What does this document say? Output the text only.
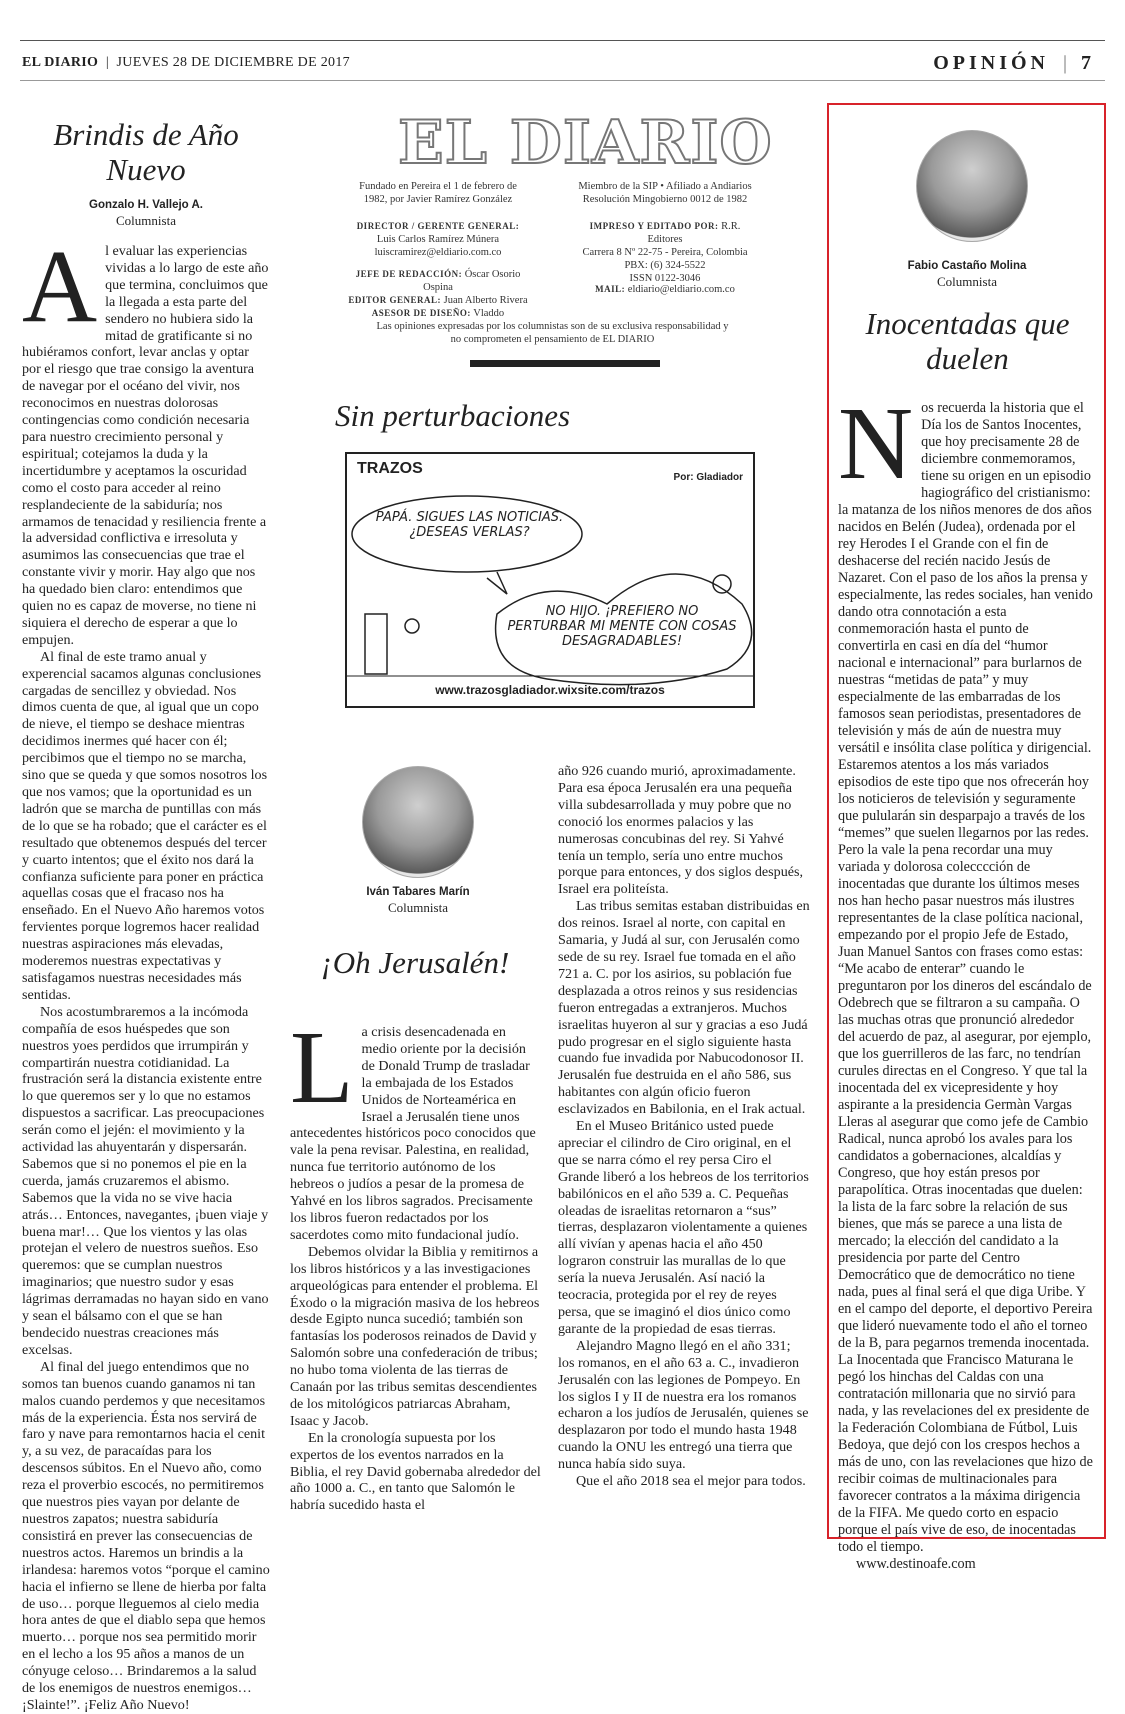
EL DIARIO  |  JUEVES 28 DE DICIEMBRE DE 2017	OPINIÓN  |  7
Brindis de Año Nuevo
Gonzalo H. Vallejo A.
Columnista

Al evaluar las experiencias vividas a lo largo de este año que termina, concluimos que la llegada a esta parte del sendero no hubiera sido la mitad de gratificante si no hubiéramos confort, levar anclas y optar por el riesgo que trae consigo la aventura de navegar por el océano del vivir, nos reconocimos en nuestras dolorosas contingencias como condición necesaria para nuestro crecimiento personal y espiritual; cotejamos la duda y la incertidumbre y aceptamos la oscuridad como el costo para acceder al reino resplandeciente de la sabiduría; nos armamos de tenacidad y resiliencia frente a la adversidad conflictiva e irresoluta y asumimos las consecuencias que trae el constante vivir y morir. Hay algo que nos ha quedado bien claro: entendimos que quien no es capaz de moverse, no tiene ni siquiera el derecho de esperar a que lo empujen.

Al final de este tramo anual y experencial sacamos algunas conclusiones cargadas de sencillez y obviedad. Nos dimos cuenta de que, al igual que un copo de nieve, el tiempo se deshace mientras decidimos inermes qué hacer con él; percibimos que el tiempo no se marcha, sino que se queda y que somos nosotros los que nos vamos; que la oportunidad es un ladrón que se marcha de puntillas con más de lo que se ha robado; que el carácter es el resultado que obtenemos después del tercer y cuarto intentos; que el éxito nos dará la confianza suficiente para poner en práctica aquellas cosas que el fracaso nos ha enseñado. En el Nuevo Año haremos votos fervientes porque logremos hacer realidad nuestras aspiraciones más elevadas, moderemos nuestras expectativas y satisfagamos nuestras necesidades más sentidas.

Nos acostumbraremos a la incómoda compañía de esos huéspedes que son nuestros yoes perdidos que irrumpirán y compartirán nuestra cotidianidad. La frustración será la distancia existente entre lo que queremos ser y lo que no estamos dispuestos a sacrificar. Las preocupaciones serán como el jején: el movimiento y la actividad las ahuyentarán y dispersarán. Sabemos que si no ponemos el pie en la cuerda, jamás cruzaremos el abismo. Sabemos que la vida no se vive hacia atrás… Entonces, navegantes, ¡buen viaje y buena mar!… Que los vientos y las olas protejan el velero de nuestros sueños. Eso queremos: que se cumplan nuestros imaginarios; que nuestro sudor y esas lágrimas derramadas no hayan sido en vano y sean el bálsamo con el que se han bendecido nuestras creaciones más excelsas.

Al final del juego entendimos que no somos tan buenos cuando ganamos ni tan malos cuando perdemos y que necesitamos más de la experiencia. Ésta nos servirá de faro y nave para remontarnos hacia el cenit y, a su vez, de paracaídas para los descensos súbitos. En el Nuevo año, como reza el proverbio escocés, no permitiremos que nuestros pies vayan por delante de nuestros zapatos; nuestra sabiduría consistirá en prever las consecuencias de nuestros actos. Haremos un brindis a la irlandesa: haremos votos “porque el camino hacia el infierno se llene de hierba por falta de uso… porque lleguemos al cielo media hora antes de que el diablo sepa que hemos muerto… porque nos sea permitido morir en el lecho a los 95 años a manos de un cónyuge celoso… Brindaremos a la salud de los enemigos de nuestros enemigos… ¡Slainte!”. ¡Feliz Año Nuevo!

EL DIARIO
Fundado en Pereira el 1 de febrero de 1982, por Javier Ramírez González
Miembro de la SIP • Afiliado a Andiarios Resolución Mingobierno 0012 de 1982
DIRECTOR / GERENTE GENERAL:
Luis Carlos Ramírez Múnera
luiscramirez@eldiario.com.co
IMPRESO Y EDITADO POR: R.R. Editores
Carrera 8 Nº 22-75 - Pereira, Colombia
PBX: (6) 324-5522
ISSN 0122-3046
JEFE DE REDACCIÓN: Óscar Osorio Ospina
EDITOR GENERAL: Juan Alberto Rivera
ASESOR DE DISEÑO: Vladdo
MAIL: eldiario@eldiario.com.co
Las opiniones expresadas por los columnistas son de su exclusiva responsabilidad y no comprometen el pensamiento de EL DIARIO
Sin perturbaciones
TRAZOS
Por: Gladiador
PAPÁ. SIGUES LAS NOTICIAS. ¿DESEAS VERLAS?
NO HIJO. ¡PREFIERO NO PERTURBAR MI MENTE CON COSAS DESAGRADABLES!
www.trazosgladiador.wixsite.com/trazos
Iván Tabares Marín
Columnista
¡Oh Jerusalén!

La crisis desencadenada en medio oriente por la decisión de Donald Trump de trasladar la embajada de los Estados Unidos de Norteamérica en Israel a Jerusalén tiene unos antecedentes históricos poco conocidos que vale la pena revisar. Palestina, en realidad, nunca fue territorio autónomo de los hebreos o judíos a pesar de la promesa de Yahvé en los libros sagrados. Precisamente los libros fueron redactados por los sacerdotes como mito fundacional judío.

Debemos olvidar la Biblia y remitirnos a los libros históricos y a las investigaciones arqueológicas para entender el problema. El Éxodo o la migración masiva de los hebreos desde Egipto nunca sucedió; también son fantasías los poderosos reinados de David y Salomón sobre una confederación de tribus; no hubo toma violenta de las tierras de Canaán por las tribus semitas descendientes de los mitológicos patriarcas Abraham, Isaac y Jacob.

En la cronología supuesta por los expertos de los eventos narrados en la Biblia, el rey David gobernaba alrededor del año 1000 a. C., en tanto que Salomón le habría sucedido hasta el

año 926 cuando murió, aproximadamente. Para esa época Jerusalén era una pequeña villa subdesarrollada y muy pobre que no conoció los enormes palacios y las numerosas concubinas del rey. Si Yahvé tenía un templo, sería uno entre muchos porque para entonces, y dos siglos después, Israel era politeísta.

Las tribus semitas estaban distribuidas en dos reinos. Israel al norte, con capital en Samaria, y Judá al sur, con Jerusalén como sede de su rey. Israel fue tomada en el año 721 a. C. por los asirios, su población fue desplazada a otros reinos y sus residencias fueron entregadas a extranjeros. Muchos israelitas huyeron al sur y gracias a eso Judá pudo progresar en el siglo siguiente hasta cuando fue invadida por Nabucodonosor II. Jerusalén fue destruida en el año 586, sus habitantes con algún oficio fueron esclavizados en Babilonia, en el Irak actual.

En el Museo Británico usted puede apreciar el cilindro de Ciro original, en el que se narra cómo el rey persa Ciro el Grande liberó a los hebreos de los territorios babilónicos en el año 539 a. C. Pequeñas oleadas de israelitas retornaron a “sus” tierras, desplazaron violentamente a quienes allí vivían y apenas hacia el año 450 lograron construir las murallas de lo que sería la nueva Jerusalén. Así nació la teocracia, protegida por el rey de reyes persa, que se imaginó el dios único como garante de la propiedad de esas tierras.

Alejandro Magno llegó en el año 331; los romanos, en el año 63 a. C., invadieron Jerusalén con las legiones de Pompeyo. En los siglos I y II de nuestra era los romanos echaron a los judíos de Jerusalén, quienes se desplazaron por todo el mundo hasta 1948 cuando la ONU les entregó una tierra que nunca había sido suya.

Que el año 2018 sea el mejor para todos.

Fabio Castaño Molina
Columnista
Inocentadas que duelen

Nos recuerda la historia que el Día los de Santos Inocentes, que hoy precisamente 28 de diciembre conmemoramos, tiene su origen en un episodio hagiográfico del cristianismo: la matanza de los niños menores de dos años nacidos en Belén (Judea), ordenada por el rey Herodes I el Grande con el fin de deshacerse del recién nacido Jesús de Nazaret. Con el paso de los años la prensa y especialmente, las redes sociales, han venido dando otra connotación a esta conmemoración hasta el punto de convertirla en casi en día del “humor nacional e internacional” para burlarnos de nuestras “metidas de pata” y muy especialmente de las embarradas de los famosos sean periodistas, presentadores de televisión y más de aún de nuestra muy versátil e insólita clase política y dirigencial. Estaremos atentos a los más variados episodios de este tipo que nos ofrecerán hoy los noticieros de televisión y seguramente que pulularán sin desparpajo a través de los “memes” que suelen llegarnos por las redes. Pero la vale la pena recordar una muy variada y dolorosa colecccción de inocentadas que durante los últimos meses nos han hecho pasar nuestros más ilustres representantes de la clase política nacional, empezando por el propio Jefe de Estado, Juan Manuel Santos con frases como estas: “Me acabo de enterar” cuando le preguntaron por los dineros del escándalo de Odebrech que se filtraron a su campaña. O las muchas otras que pronunció alrededor del acuerdo de paz, al asegurar, por ejemplo, que los guerrilleros de las farc, no tendrían curules directas en el Congreso. Y que tal la inocentada del ex vicepresidente y hoy aspirante a la presidencia Germàn Vargas Lleras al asegurar que como jefe de Cambio Radical, nunca aprobó los avales para los candidatos a gobernaciones, alcaldías y Congreso, que hoy están presos por parapolítica. Otras inocentadas que duelen: la lista de la farc sobre la relación de sus bienes, que más se parece a una lista de mercado; la elección del candidato a la presidencia por parte del Centro Democrático que de democrático no tiene nada, pues al final será el que diga Uribe. Y en el campo del deporte, el deportivo Pereira que lideró nuevamente todo el año el torneo de la B, para pegarnos tremenda inocentada. La Inocentada que Francisco Maturana le pegó los hinchas del Caldas con una contratación millonaria que no sirvió para nada, y las revelaciones del ex presidente de la Federación Colombiana de Fútbol, Luis Bedoya, que dejó con los crespos hechos a más de uno, con las revelaciones que hizo de recibir coimas de multinacionales para favorecer contratos a la máxima dirigencia de la FIFA. Me quedo corto en espacio porque el país vive de eso, de inocentadas todo el tiempo.

www.destinoafe.com
